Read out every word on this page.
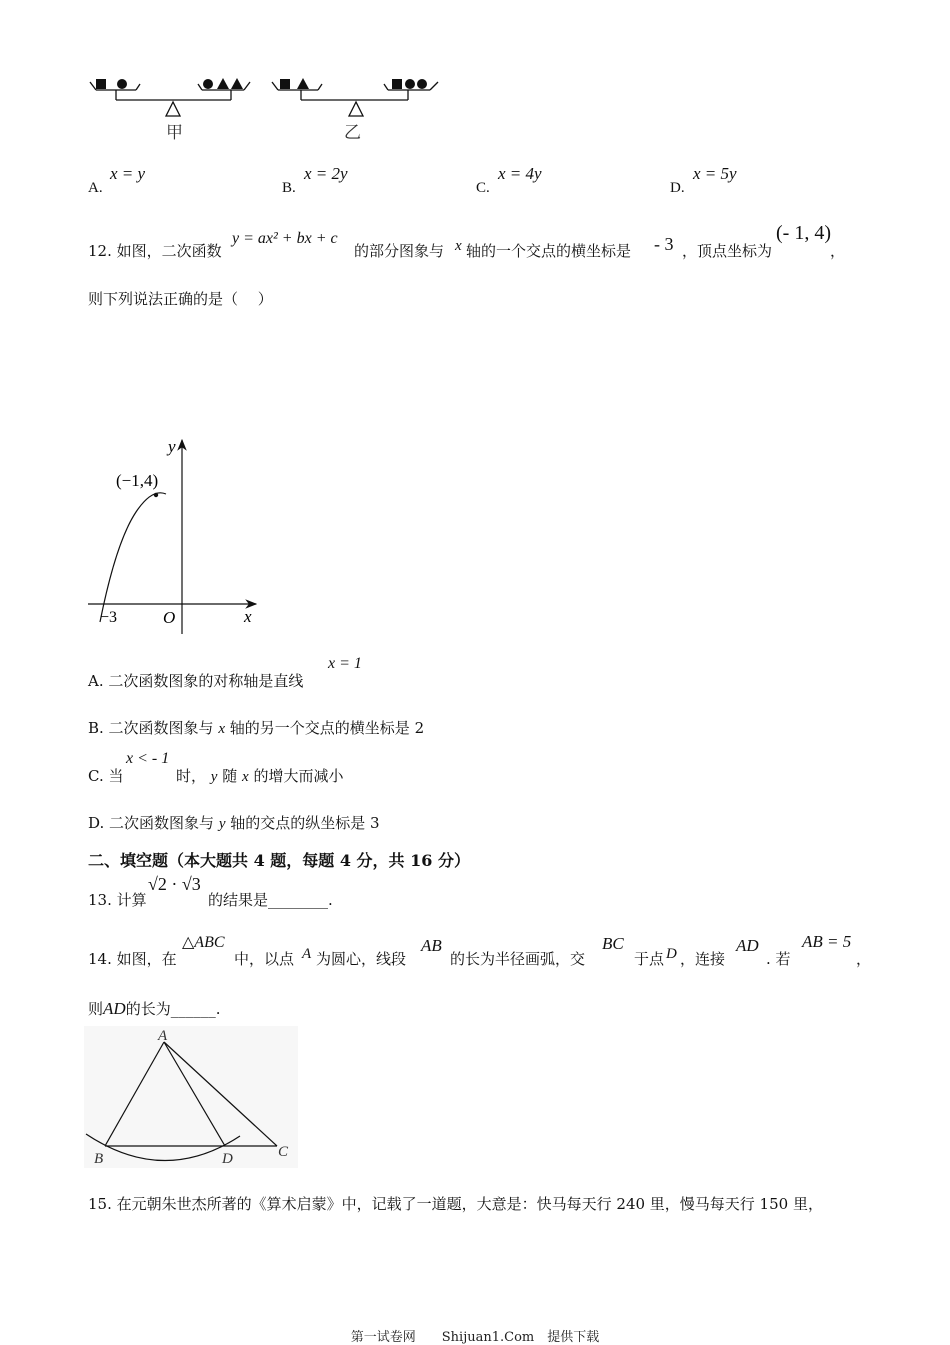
甲	乙
A.
x = y
B.
x = 2y
C.
x = 4y
D.
x = 5y
12. 如图，二次函数
y = ax² + bx + c
的部分图象与 x 轴的一个交点的横坐标是 - 3 ，顶点坐标为
(- 1, 4)
，
则下列说法正确的是（　 ）
y
x
O
(−1,4)
−3
A. 二次函数图象的对称轴是直线
x = 1
B. 二次函数图象与 x 轴的另一个交点的横坐标是 2
C. 当
x < - 1
时， y 随 x 的增大而减小
D. 二次函数图象与 y 轴的交点的纵坐标是 3
二、填空题（本大题共 4 题，每题 4 分，共 16 分）
13. 计算
√2 · √3
的结果是________.
14. 如图，在
△ABC
中，以点 A 为圆心，线段
AB
的长为半径画弧，交
BC
于点 D ，连接
AD
. 若
AB = 5
，
则AD的长为______.
A
B	D	C
15. 在元朝朱世杰所著的《算术启蒙》中，记载了一道题，大意是：快马每天行 240 里，慢马每天行 150 里，
第一试卷网　　Shijuan1.Com　提供下载
